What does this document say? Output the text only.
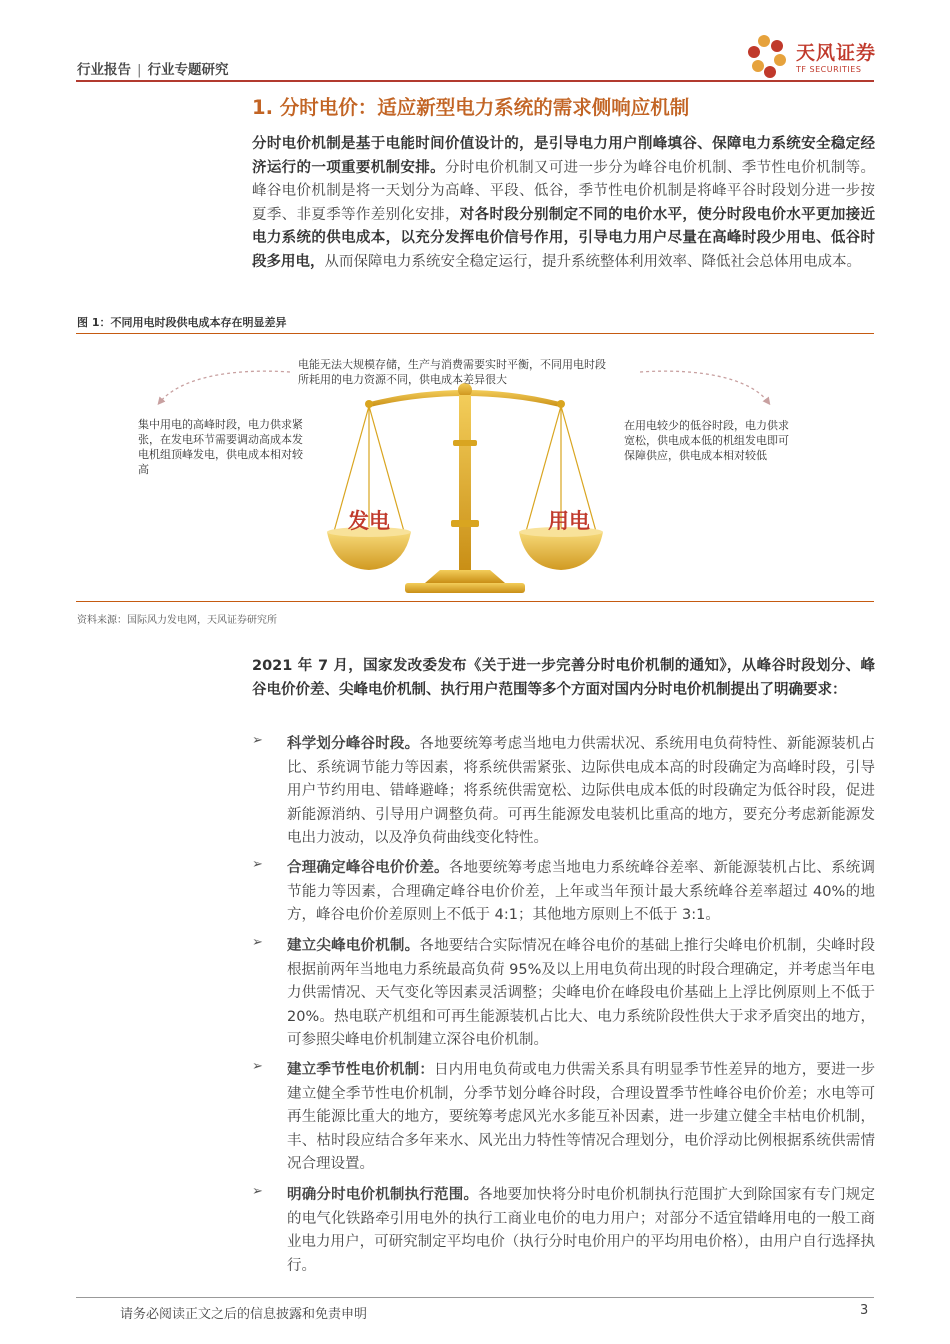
行业报告 | 行业专题研究
天风证券
TF SECURITIES
1. 分时电价：适应新型电力系统的需求侧响应机制
分时电价机制是基于电能时间价值设计的，是引导电力用户削峰填谷、保障电力系统安全稳定经济运行的一项重要机制安排。分时电价机制又可进一步分为峰谷电价机制、季节性电价机制等。峰谷电价机制是将一天划分为高峰、平段、低谷，季节性电价机制是将峰平谷时段划分进一步按夏季、非夏季等作差别化安排，对各时段分别制定不同的电价水平，使分时段电价水平更加接近电力系统的供电成本，以充分发挥电价信号作用，引导电力用户尽量在高峰时段少用电、低谷时段多用电，从而保障电力系统安全稳定运行，提升系统整体利用效率、降低社会总体用电成本。
图 1：不同用电时段供电成本存在明显差异
发电	用电
电能无法大规模存储，生产与消费需要实时平衡，不同用电时段
所耗用的电力资源不同，供电成本差异很大
集中用电的高峰时段，电力供求紧张，在发电环节需要调动高成本发电机组顶峰发电，供电成本相对较高
在用电较少的低谷时段，电力供求宽松，供电成本低的机组发电即可保障供应，供电成本相对较低
资料来源：国际风力发电网，天风证券研究所
2021 年 7 月，国家发改委发布《关于进一步完善分时电价机制的通知》，从峰谷时段划分、峰谷电价价差、尖峰电价机制、执行用户范围等多个方面对国内分时电价机制提出了明确要求：
➢ 科学划分峰谷时段。各地要统筹考虑当地电力供需状况、系统用电负荷特性、新能源装机占比、系统调节能力等因素，将系统供需紧张、边际供电成本高的时段确定为高峰时段，引导用户节约用电、错峰避峰；将系统供需宽松、边际供电成本低的时段确定为低谷时段，促进新能源消纳、引导用户调整负荷。可再生能源发电装机比重高的地方，要充分考虑新能源发电出力波动，以及净负荷曲线变化特性。
➢ 合理确定峰谷电价价差。各地要统筹考虑当地电力系统峰谷差率、新能源装机占比、系统调节能力等因素，合理确定峰谷电价价差，上年或当年预计最大系统峰谷差率超过 40%的地方，峰谷电价价差原则上不低于 4:1；其他地方原则上不低于 3:1。
➢ 建立尖峰电价机制。各地要结合实际情况在峰谷电价的基础上推行尖峰电价机制，尖峰时段根据前两年当地电力系统最高负荷 95%及以上用电负荷出现的时段合理确定，并考虑当年电力供需情况、天气变化等因素灵活调整；尖峰电价在峰段电价基础上上浮比例原则上不低于 20%。热电联产机组和可再生能源装机占比大、电力系统阶段性供大于求矛盾突出的地方，可参照尖峰电价机制建立深谷电价机制。
➢ 建立季节性电价机制：日内用电负荷或电力供需关系具有明显季节性差异的地方，要进一步建立健全季节性电价机制，分季节划分峰谷时段，合理设置季节性峰谷电价价差；水电等可再生能源比重大的地方，要统筹考虑风光水多能互补因素，进一步建立健全丰枯电价机制，丰、枯时段应结合多年来水、风光出力特性等情况合理划分，电价浮动比例根据系统供需情况合理设置。
➢ 明确分时电价机制执行范围。各地要加快将分时电价机制执行范围扩大到除国家有专门规定的电气化铁路牵引用电外的执行工商业电价的电力用户；对部分不适宜错峰用电的一般工商业电力用户，可研究制定平均电价（执行分时电价用户的平均用电价格），由用户自行选择执行。
请务必阅读正文之后的信息披露和免责申明	3
